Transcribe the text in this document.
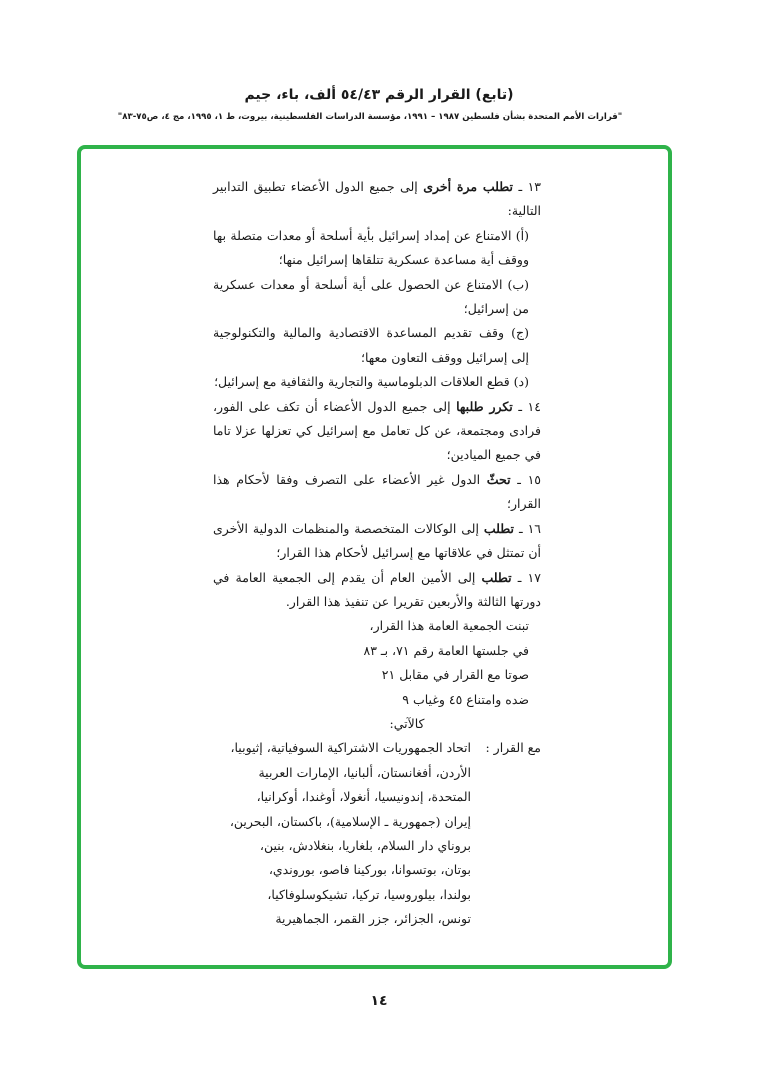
(تابع) القرار الرقم ٥٤/٤٣ ألف، باء، جيم
"قرارات الأمم المتحدة بشأن فلسطين ١٩٨٧ – ١٩٩١، مؤسسة الدراسات الفلسطينية، بيروت، ط ١، ١٩٩٥، مج ٤، ص٧٥-٨٣"

١٣ ـ تطلب مرة أخرى إلى جميع الدول الأعضاء تطبيق التدابير التالية:

(أ) الامتناع عن إمداد إسرائيل بأية أسلحة أو معدات متصلة بها ووقف أية مساعدة عسكرية تتلقاها إسرائيل منها؛

(ب) الامتناع عن الحصول على أية أسلحة أو معدات عسكرية من إسرائيل؛

(ج) وقف تقديم المساعدة الاقتصادية والمالية والتكنولوجية إلى إسرائيل ووقف التعاون معها؛

(د) قطع العلاقات الدبلوماسية والتجارية والثقافية مع إسرائيل؛

١٤ ـ تكرر طلبها إلى جميع الدول الأعضاء أن تكف على الفور، فرادى ومجتمعة، عن كل تعامل مع إسرائيل كي تعزلها عزلا تاما في جميع الميادين؛

١٥ ـ تحثّ الدول غير الأعضاء على التصرف وفقا لأحكام هذا القرار؛

١٦ ـ تطلب إلى الوكالات المتخصصة والمنظمات الدولية الأخرى أن تمتثل في علاقاتها مع إسرائيل لأحكام هذا القرار؛

١٧ ـ تطلب إلى الأمين العام أن يقدم إلى الجمعية العامة في دورتها الثالثة والأربعين تقريرا عن تنفيذ هذا القرار.

تبنت الجمعية العامة هذا القرار،

في جلستها العامة رقم ٧١، بـ ٨٣

صوتا مع القرار في مقابل ٢١

ضده وامتناع ٤٥ وغياب ٩

كالآتي:

مع القرار :
اتحاد الجمهوريات الاشتراكية السوفياتية، إثيوبيا،
الأردن، أفغانستان، ألبانيا، الإمارات العربية
المتحدة، إندونيسيا، أنغولا، أوغندا، أوكرانيا،
إيران (جمهورية ـ الإسلامية)، باكستان، البحرين،
بروناي دار السلام، بلغاريا، بنغلادش، بنين،
بوتان، بوتسوانا، بوركينا فاصو، بوروندي،
بولندا، بيلوروسيا، تركيا، تشيكوسلوفاكيا،
تونس، الجزائر، جزر القمر، الجماهيرية
١٤
